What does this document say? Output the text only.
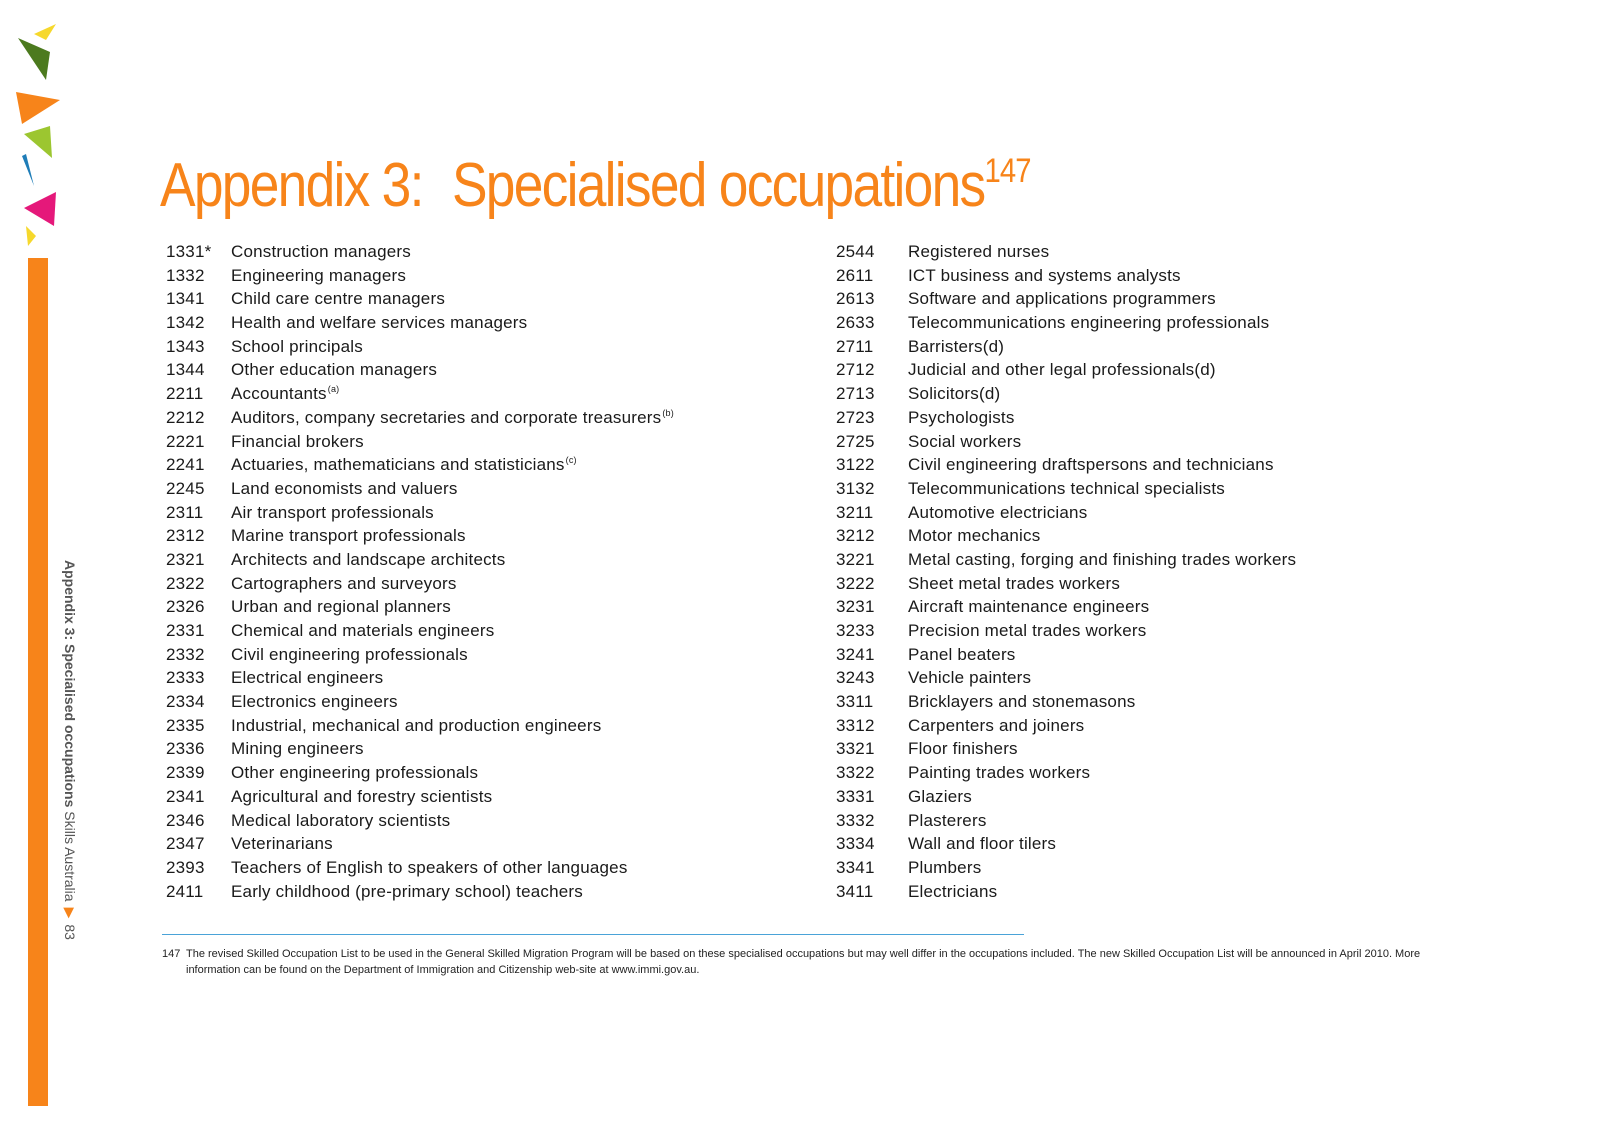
Appendix 3: Specialised occupations Skills Australia▶83
Appendix 3: Specialised occupations$^{147}$
1331*	Construction managers
1332	Engineering managers
1341	Child care centre managers
1342	Health and welfare services managers
1343	School principals
1344	Other education managers
2211	Accountants$^{(a)}$
2212	Auditors, company secretaries and corporate treasurers$^{(b)}$
2221	Financial brokers
2241	Actuaries, mathematicians and statisticians$^{(c)}$
2245	Land economists and valuers
2311	Air transport professionals
2312	Marine transport professionals
2321	Architects and landscape architects
2322	Cartographers and surveyors
2326	Urban and regional planners
2331	Chemical and materials engineers
2332	Civil engineering professionals
2333	Electrical engineers
2334	Electronics engineers
2335	Industrial, mechanical and production engineers
2336	Mining engineers
2339	Other engineering professionals
2341	Agricultural and forestry scientists
2346	Medical laboratory scientists
2347	Veterinarians
2393	Teachers of English to speakers of other languages
2411	Early childhood (pre-primary school) teachers
2544	Registered nurses
2611	ICT business and systems analysts
2613	Software and applications programmers
2633	Telecommunications engineering professionals
2711	Barristers(d)
2712	Judicial and other legal professionals(d)
2713	Solicitors(d)
2723	Psychologists
2725	Social workers
3122	Civil engineering draftspersons and technicians
3132	Telecommunications technical specialists
3211	Automotive electricians
3212	Motor mechanics
3221	Metal casting, forging and finishing trades workers
3222	Sheet metal trades workers
3231	Aircraft maintenance engineers
3233	Precision metal trades workers
3241	Panel beaters
3243	Vehicle painters
3311	Bricklayers and stonemasons
3312	Carpenters and joiners
3321	Floor finishers
3322	Painting trades workers
3331	Glaziers
3332	Plasterers
3334	Wall and floor tilers
3341	Plumbers
3411	Electricians
147 The revised Skilled Occupation List to be used in the General Skilled Migration Program will be based on these specialised occupations but may well differ in the occupations included. The new Skilled Occupation List will be announced in April 2010. More information can be found on the Department of Immigration and Citizenship web-site at www.immi.gov.au.
